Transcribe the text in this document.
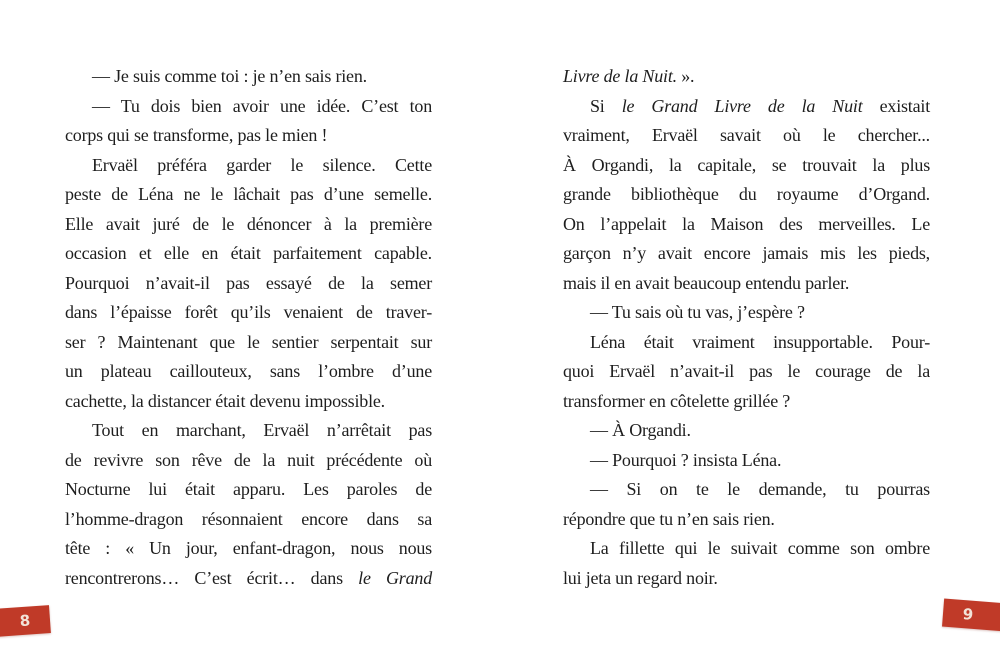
— Je suis comme toi : je n’en sais rien.
— Tu dois bien avoir une idée. C’est ton
corps qui se transforme, pas le mien !
Ervaël préféra garder le silence. Cette
peste de Léna ne le lâchait pas d’une semelle.
Elle avait juré de le dénoncer à la première
occasion et elle en était parfaitement capable.
Pourquoi n’avait-il pas essayé de la semer
dans l’épaisse forêt qu’ils venaient de traver-
ser ? Maintenant que le sentier serpentait sur
un plateau caillouteux, sans l’ombre d’une
cachette, la distancer était devenu impossible.
Tout en marchant, Ervaël n’arrêtait pas
de revivre son rêve de la nuit précédente où
Nocturne lui était apparu. Les paroles de
l’homme-dragon résonnaient encore dans sa
tête : « Un jour, enfant-dragon, nous nous
rencontrerons… C’est écrit… dans le Grand
Livre de la Nuit. ».
Si le Grand Livre de la Nuit existait
vraiment, Ervaël savait où le chercher...
À Organdi, la capitale, se trouvait la plus
grande bibliothèque du royaume d’Organd.
On l’appelait la Maison des merveilles. Le
garçon n’y avait encore jamais mis les pieds,
mais il en avait beaucoup entendu parler.
— Tu sais où tu vas, j’espère ?
Léna était vraiment insupportable. Pour-
quoi Ervaël n’avait-il pas le courage de la
transformer en côtelette grillée ?
— À Organdi.
— Pourquoi ? insista Léna.
— Si on te le demande, tu pourras
répondre que tu n’en sais rien.
La fillette qui le suivait comme son ombre
lui jeta un regard noir.
8	9
